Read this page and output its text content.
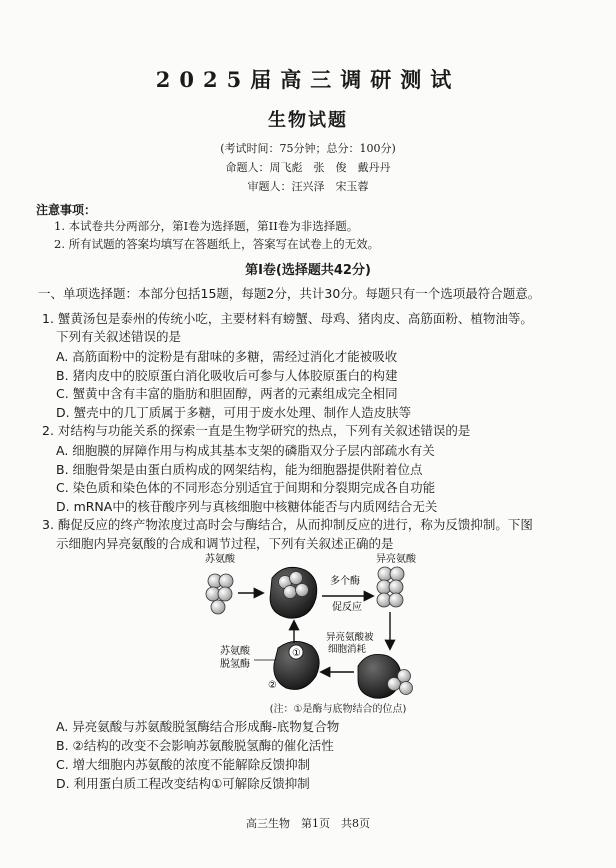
2025届高三调研测试
生物试题
(考试时间：75分钟；总分：100分)
命题人：周飞彪　张　俊　戴丹丹
审题人：汪兴泽　宋玉蓉
注意事项：
1. 本试卷共分两部分，第I卷为选择题，第II卷为非选择题。
2. 所有试题的答案均填写在答题纸上，答案写在试卷上的无效。
第I卷(选择题共42分)
一、单项选择题：本部分包括15题，每题2分，共计30分。每题只有一个选项最符合题意。
1. 蟹黄汤包是泰州的传统小吃，主要材料有螃蟹、母鸡、猪肉皮、高筋面粉、植物油等。
下列有关叙述错误的是
A. 高筋面粉中的淀粉是有甜味的多糖，需经过消化才能被吸收
B. 猪肉皮中的胶原蛋白消化吸收后可参与人体胶原蛋白的构建
C. 蟹黄中含有丰富的脂肪和胆固醇，两者的元素组成完全相同
D. 蟹壳中的几丁质属于多糖，可用于废水处理、制作人造皮肤等
2. 对结构与功能关系的探索一直是生物学研究的热点，下列有关叙述错误的是
A. 细胞膜的屏障作用与构成其基本支架的磷脂双分子层内部疏水有关
B. 细胞骨架是由蛋白质构成的网架结构，能为细胞器提供附着位点
C. 染色质和染色体的不同形态分别适宜于间期和分裂期完成各自功能
D. mRNA中的核苷酸序列与真核细胞中核糖体能否与内质网结合无关
3. 酶促反应的终产物浓度过高时会与酶结合，从而抑制反应的进行，称为反馈抑制。下图
示细胞内异亮氨酸的合成和调节过程，下列有关叙述正确的是
苏氨酸	异亮氨酸
多个酶
促反应
异亮氨酸被
细胞消耗
①
②
苏氨酸
脱氢酶
(注：①是酶与底物结合的位点)
A. 异亮氨酸与苏氨酸脱氢酶结合形成酶-底物复合物
B. ②结构的改变不会影响苏氨酸脱氢酶的催化活性
C. 增大细胞内苏氨酸的浓度不能解除反馈抑制
D. 利用蛋白质工程改变结构①可解除反馈抑制
高三生物　第1页　共8页
